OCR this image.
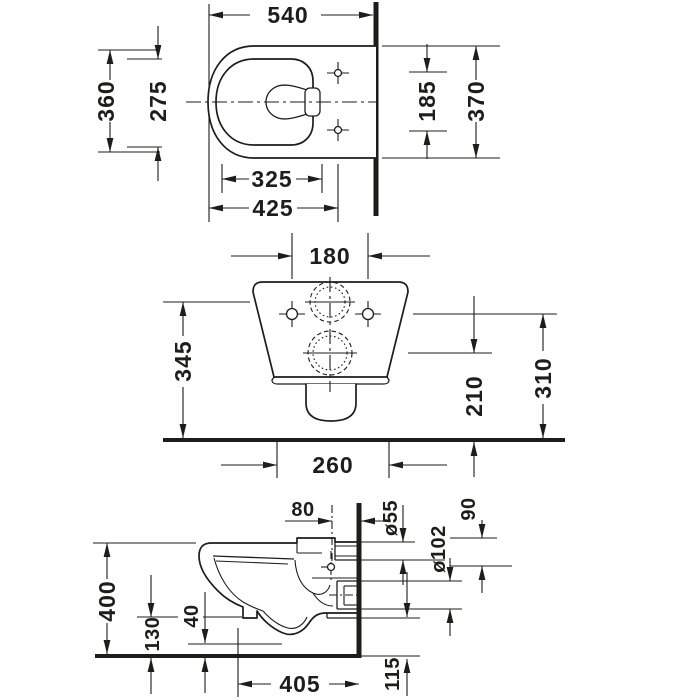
540
360 275	185 370
325
425
180
345
210 310
260
80	ø55	90
ø102
400
130
40
405	115
